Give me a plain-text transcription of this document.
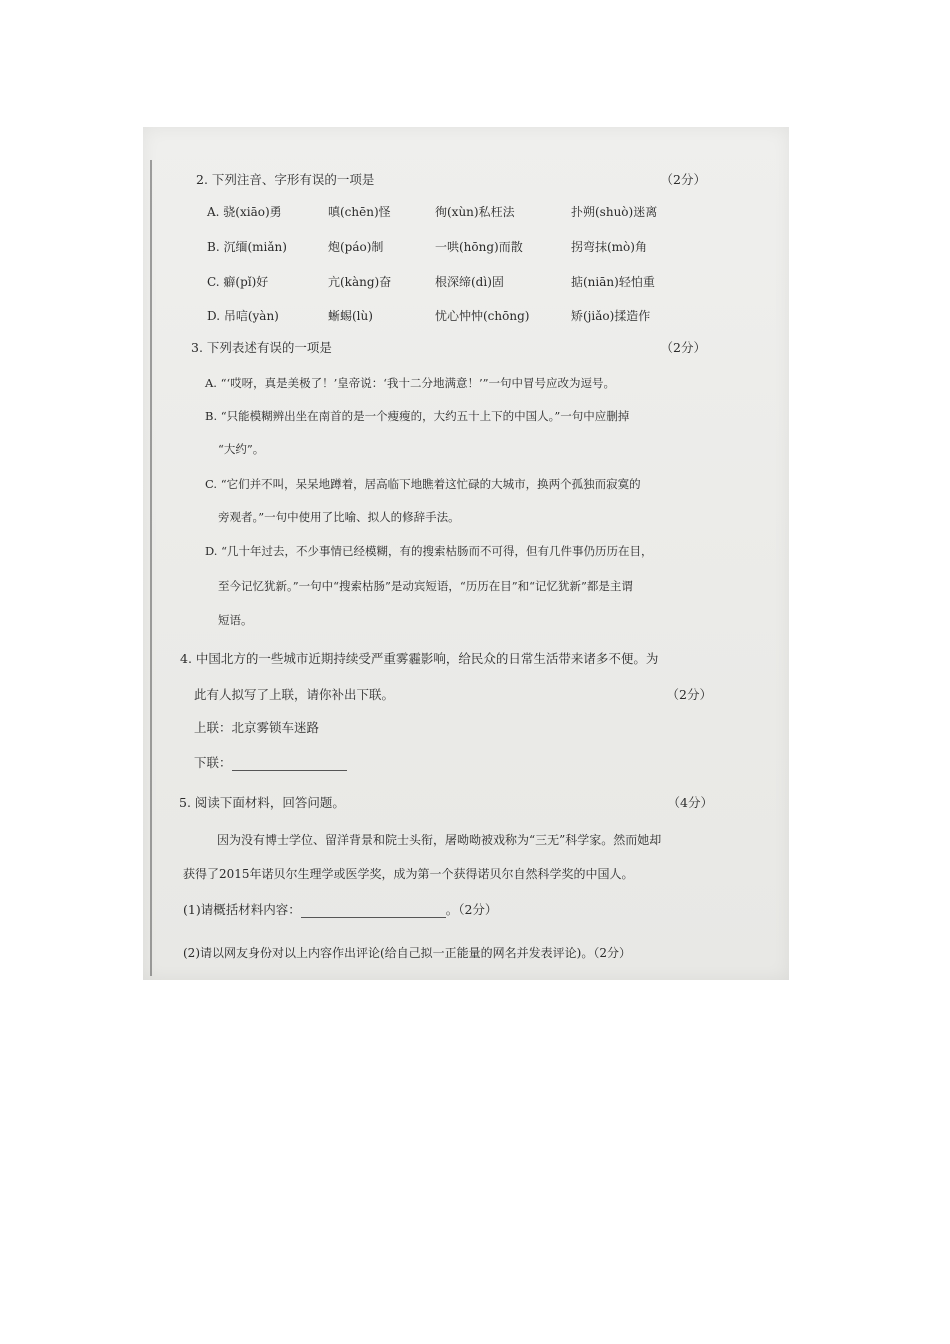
2. 下列注音、字形有误的一项是	（2分）
A. 骁(xiāo)勇	嗔(chēn)怪	徇(xùn)私枉法	扑朔(shuò)迷离
B. 沉缅(miǎn)	炮(páo)制	一哄(hōng)而散	拐弯抹(mò)角
C. 癖(pǐ)好	亢(kàng)奋	根深缔(dì)固	掂(niān)轻怕重
D. 吊唁(yàn)	蜥蜴(lù)	忧心忡忡(chōng)	矫(jiǎo)揉造作
3. 下列表述有误的一项是	（2分）
A. “‘哎呀，真是美极了！’皇帝说：‘我十二分地满意！’”一句中冒号应改为逗号。
B. “只能模糊辨出坐在南首的是一个瘦瘦的，大约五十上下的中国人。”一句中应删掉
“大约”。
C. “它们并不叫，呆呆地蹲着，居高临下地瞧着这忙碌的大城市，换两个孤独而寂寞的
旁观者。”一句中使用了比喻、拟人的修辞手法。
D. “几十年过去，不少事情已经模糊，有的搜索枯肠而不可得，但有几件事仍历历在目，
至今记忆犹新。”一句中“搜索枯肠”是动宾短语，“历历在目”和“记忆犹新”都是主谓
短语。
4. 中国北方的一些城市近期持续受严重雾霾影响，给民众的日常生活带来诸多不便。为
此有人拟写了上联，请你补出下联。	（2分）
上联：北京雾锁车迷路
下联：
5. 阅读下面材料，回答问题。	（4分）
因为没有博士学位、留洋背景和院士头衔，屠呦呦被戏称为“三无”科学家。然而她却
获得了2015年诺贝尔生理学或医学奖，成为第一个获得诺贝尔自然科学奖的中国人。
(1)请概括材料内容：	。（2分）
(2)请以网友身份对以上内容作出评论(给自己拟一正能量的网名并发表评论)。（2分）
